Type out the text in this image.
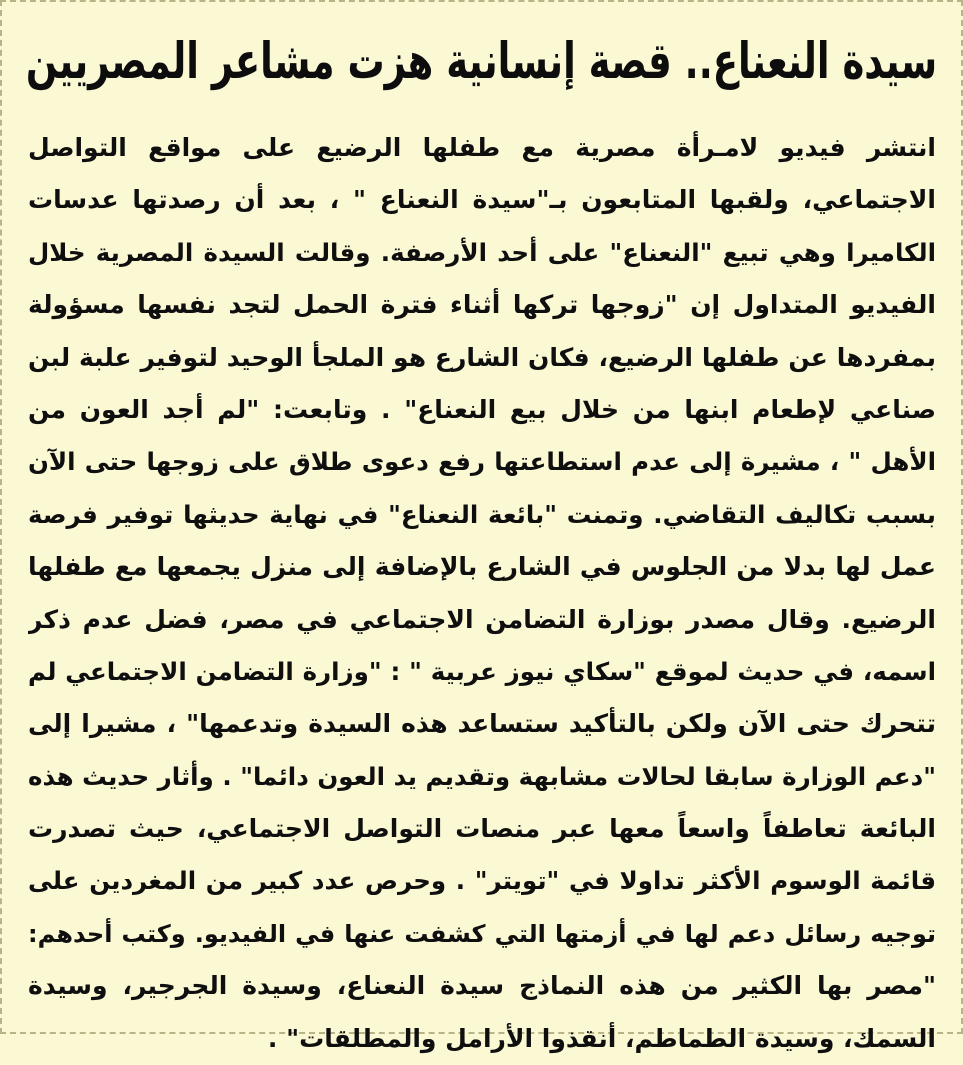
سيدة النعناع.. قصة إنسانية هزت مشاعر المصريين
انتشر فيديو لامـرأة مصرية مع طفلها الرضيع على مواقع التواصل
الاجتماعي، ولقبها المتابعون بـ"سيدة النعناع " ، بعد أن رصدتها عدسات
الكاميرا وهي تبيع "النعناع" على أحد الأرصفة. وقالت السيدة المصرية خلال
الفيديو المتداول إن "زوجها تركها أثناء فترة الحمل لتجد نفسها مسؤولة
بمفردها عن طفلها الرضيع، فكان الشارع هو الملجأ الوحيد لتوفير علبة لبن
صناعي لإطعام ابنها من خلال بيع النعناع" . وتابعت: "لم أجد العون من
الأهل " ، مشيرة إلى عدم استطاعتها رفع دعوى طلاق على زوجها حتى الآن
بسبب تكاليف التقاضي. وتمنت "بائعة النعناع" في نهاية حديثها توفير فرصة
عمل لها بدلا من الجلوس في الشارع بالإضافة إلى منزل يجمعها مع طفلها
الرضيع. وقال مصدر بوزارة التضامن الاجتماعي في مصر، فضل عدم ذكر
اسمه، في حديث لموقع "سكاي نيوز عربية " : "وزارة التضامن الاجتماعي لم
تتحرك حتى الآن ولكن بالتأكيد ستساعد هذه السيدة وتدعمها" ، مشيرا إلى
"دعم الوزارة سابقا لحالات مشابهة وتقديم يد العون دائما" . وأثار حديث هذه
البائعة تعاطفاً واسعاً معها عبر منصات التواصل الاجتماعي، حيث تصدرت
قائمة الوسوم الأكثر تداولا في "تويتر" . وحرص عدد كبير من المغردين على
توجيه رسائل دعم لها في أزمتها التي كشفت عنها في الفيديو. وكتب أحدهم:
"مصر بها الكثير من هذه النماذج سيدة النعناع، وسيدة الجرجير، وسيدة
السمك، وسيدة الطماطم، أنقذوا الأرامل والمطلقات" .
